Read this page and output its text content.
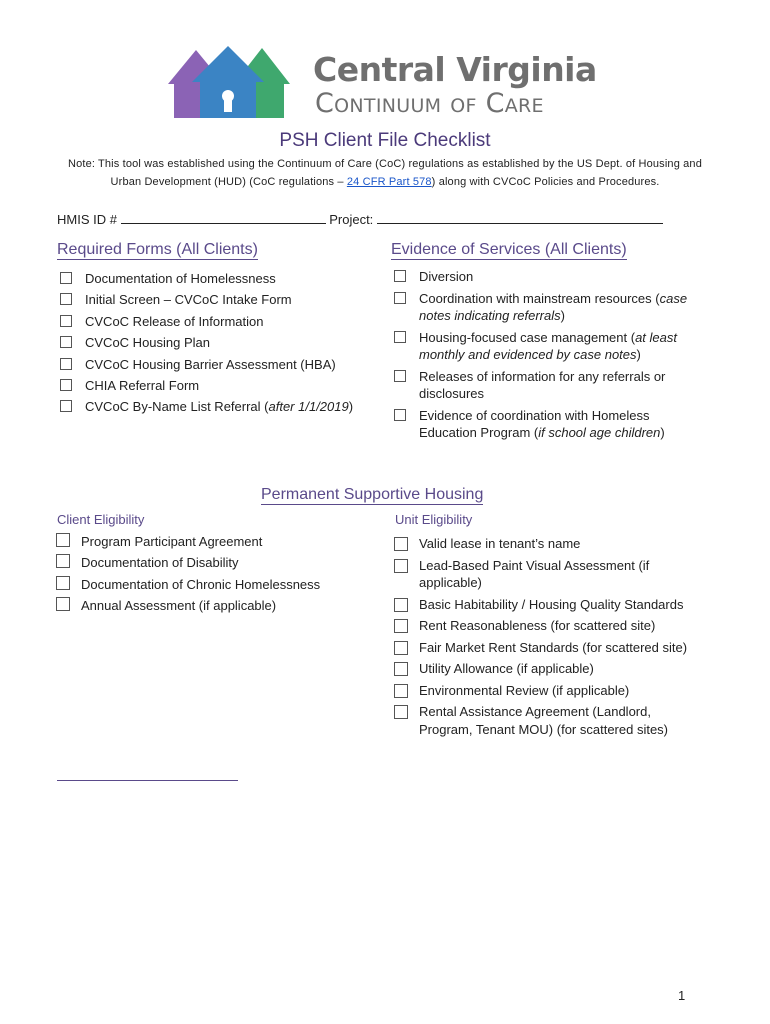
Central Virginia
Continuum of Care
PSH Client File Checklist
Note: This tool was established using the Continuum of Care (CoC) regulations as established by the US Dept. of Housing and Urban Development (HUD) (CoC regulations – 24 CFR Part 578) along with CVCoC Policies and Procedures.
HMIS ID #	Project:
Required Forms (All Clients)
Documentation of Homelessness
Initial Screen – CVCoC Intake Form
CVCoC Release of Information
CVCoC Housing Plan
CVCoC Housing Barrier Assessment (HBA)
CHIA Referral Form
CVCoC By-Name List Referral (after 1/1/2019)
Evidence of Services (All Clients)
Diversion
Coordination with mainstream resources (case notes indicating referrals)
Housing-focused case management (at least monthly and evidenced by case notes)
Releases of information for any referrals or disclosures
Evidence of coordination with Homeless Education Program (if school age children)
Permanent Supportive Housing
Client Eligibility
Program Participant Agreement
Documentation of Disability
Documentation of Chronic Homelessness
Annual Assessment (if applicable)
Unit Eligibility
Valid lease in tenant’s name
Lead-Based Paint Visual Assessment (if applicable)
Basic Habitability / Housing Quality Standards
Rent Reasonableness (for scattered site)
Fair Market Rent Standards (for scattered site)
Utility Allowance (if applicable)
Environmental Review (if applicable)
Rental Assistance Agreement (Landlord, Program, Tenant MOU) (for scattered sites)
1
